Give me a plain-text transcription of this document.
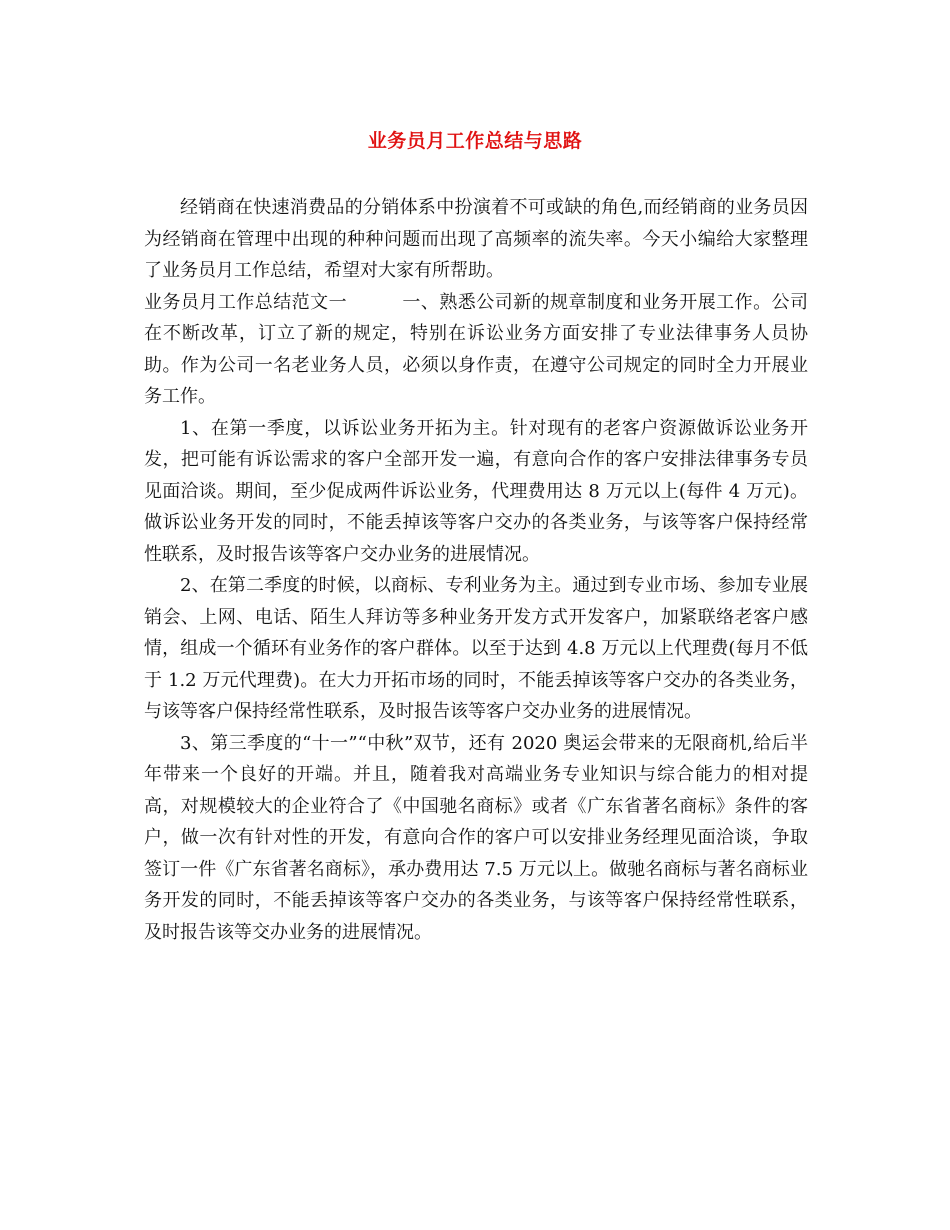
业务员月工作总结与思路

经销商在快速消费品的分销体系中扮演着不可或缺的角色,而经销商的业务员因为经销商在管理中出现的种种问题而出现了高频率的流失率。今天小编给大家整理了业务员月工作总结，希望对大家有所帮助。

业务员月工作总结范文一　　　一、熟悉公司新的规章制度和业务开展工作。公司在不断改革，订立了新的规定，特别在诉讼业务方面安排了专业法律事务人员协助。作为公司一名老业务人员，必须以身作责，在遵守公司规定的同时全力开展业务工作。

1、在第一季度，以诉讼业务开拓为主。针对现有的老客户资源做诉讼业务开发，把可能有诉讼需求的客户全部开发一遍，有意向合作的客户安排法律事务专员见面洽谈。期间，至少促成两件诉讼业务，代理费用达 8 万元以上(每件 4 万元)。做诉讼业务开发的同时，不能丢掉该等客户交办的各类业务，与该等客户保持经常性联系，及时报告该等客户交办业务的进展情况。

2、在第二季度的时候，以商标、专利业务为主。通过到专业市场、参加专业展销会、上网、电话、陌生人拜访等多种业务开发方式开发客户，加紧联络老客户感情，组成一个循环有业务作的客户群体。以至于达到 4.8 万元以上代理费(每月不低于 1.2 万元代理费)。在大力开拓市场的同时，不能丢掉该等客户交办的各类业务，与该等客户保持经常性联系，及时报告该等客户交办业务的进展情况。

3、第三季度的“十一”“中秋”双节，还有 2020 奥运会带来的无限商机,给后半年带来一个良好的开端。并且，随着我对高端业务专业知识与综合能力的相对提高，对规模较大的企业符合了《中国驰名商标》或者《广东省著名商标》条件的客户，做一次有针对性的开发，有意向合作的客户可以安排业务经理见面洽谈，争取签订一件《广东省著名商标》，承办费用达 7.5 万元以上。做驰名商标与著名商标业务开发的同时，不能丢掉该等客户交办的各类业务，与该等客户保持经常性联系，及时报告该等交办业务的进展情况。
